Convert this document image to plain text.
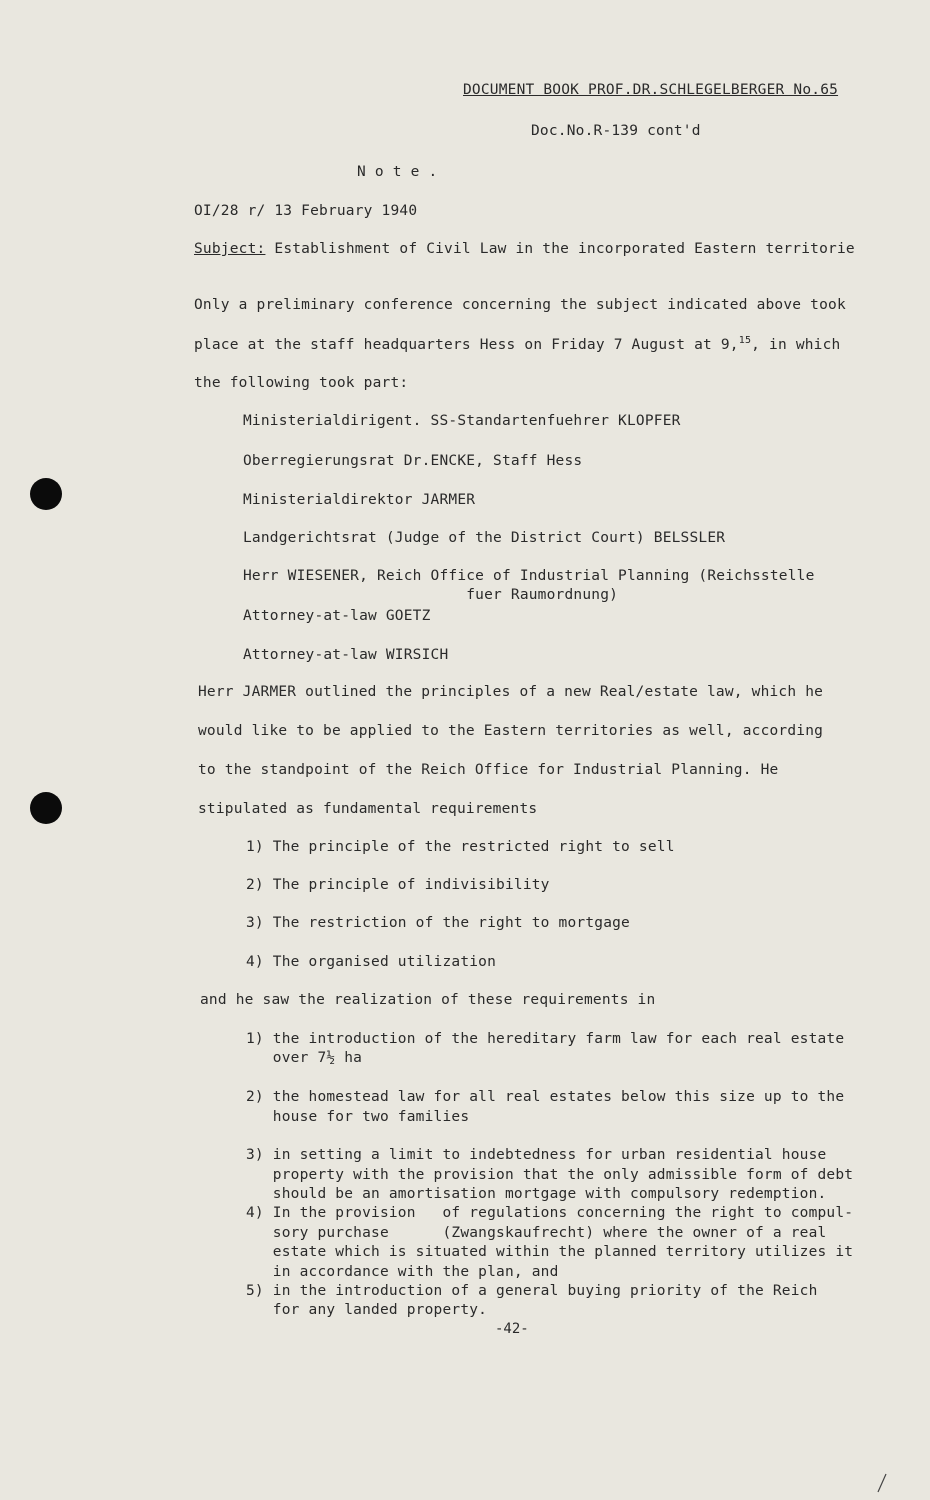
DOCUMENT BOOK PROF.DR.SCHLEGELBERGER No.65
Doc.No.R-139 cont'd
N o t e .
OI/28 r/ 13 February 1940
Subject: Establishment of Civil Law in the incorporated Eastern territorie
Only a preliminary conference concerning the subject indicated above took
place at the staff headquarters Hess on Friday 7 August at 9,15, in which
the following took part:
Ministerialdirigent. SS-Standartenfuehrer KLOPFER
Oberregierungsrat Dr.ENCKE, Staff Hess
Ministerialdirektor JARMER
Landgerichtsrat (Judge of the District Court) BELSSLER
Herr WIESENER, Reich Office of Industrial Planning (Reichsstelle
fuer Raumordnung)
Attorney-at-law GOETZ
Attorney-at-law WIRSICH
Herr JARMER outlined the principles of a new Real/estate law, which he
would like to be applied to the Eastern territories as well, according
to the standpoint of the Reich Office for Industrial Planning. He
stipulated as fundamental requirements
1) The principle of the restricted right to sell
2) The principle of indivisibility
3) The restriction of the right to mortgage
4) The organised utilization
and he saw the realization of these requirements in
1) the introduction of the hereditary farm law for each real estate
over 7½ ha
2) the homestead law for all real estates below this size up to the
house for two families
3) in setting a limit to indebtedness for urban residential house
property with the provision that the only admissible form of debt
should be an amortisation mortgage with compulsory redemption.
4) In the provision   of regulations concerning the right to compul-
sory purchase      (Zwangskaufrecht) where the owner of a real
estate which is situated within the planned territory utilizes it
in accordance with the plan, and
5) in the introduction of a general buying priority of the Reich
for any landed property.
-42-
